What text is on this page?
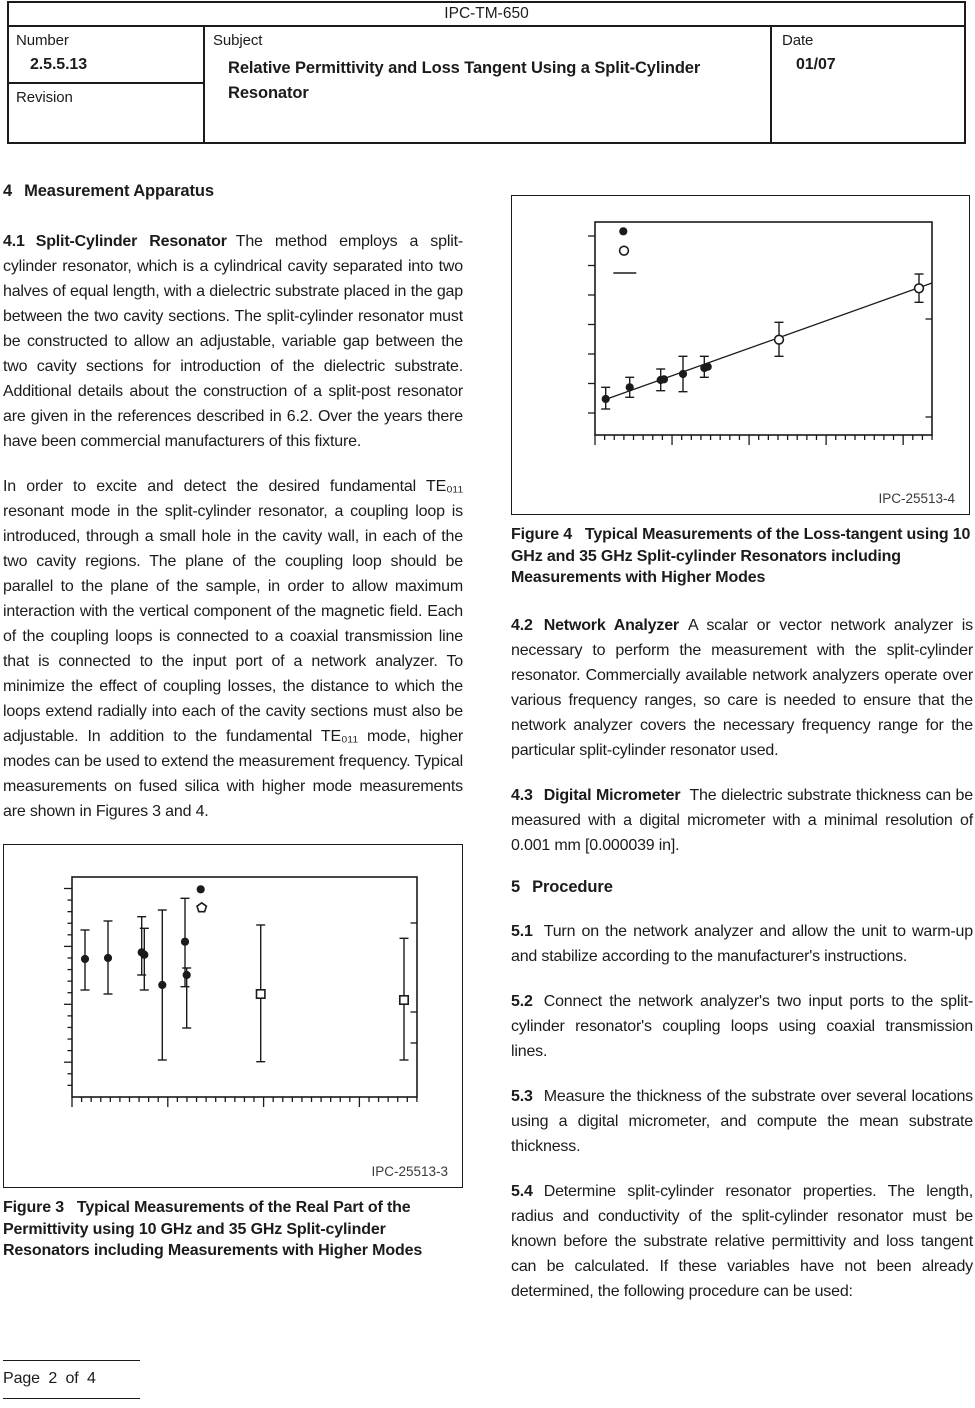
IPC-TM-650
Number
2.5.5.13
Revision
Subject
Relative Permittivity and Loss Tangent Using a Split-Cylinder Resonator
Date
01/07
4 Measurement Apparatus

4.1 Split-Cylinder Resonator The method employs a split-cylinder resonator, which is a cylindrical cavity separated into two halves of equal length, with a dielectric substrate placed in the gap between the two cavity sections. The split-cylinder resonator must be constructed to allow an adjustable, variable gap between the two cavity sections for introduction of the dielectric substrate. Additional details about the construction of a split-post resonator are given in the references described in 6.2. Over the years there have been commercial manufacturers of this fixture.

In order to excite and detect the desired fundamental TE₀₁₁ resonant mode in the split-cylinder resonator, a coupling loop is introduced, through a small hole in the cavity wall, in each of the two cavity regions. The plane of the coupling loop should be parallel to the plane of the sample, in order to allow maximum interaction with the vertical component of the magnetic field. Each of the coupling loops is connected to a coaxial transmission line that is connected to the input port of a network analyzer. To minimize the effect of coupling losses, the distance to which the loops extend radially into each of the cavity sections must also be adjustable. In addition to the fundamental TE₀₁₁ mode, higher modes can be used to extend the measurement frequency. Typical measurements on fused silica with higher mode measurements are shown in Figures 3 and 4.

IPC-25513-3

Figure 3   Typical Measurements of the Real Part of the Permittivity using 10 GHz and 35 GHz Split-cylinder Resonators including Measurements with Higher Modes

IPC-25513-4

Figure 4   Typical Measurements of the Loss-tangent using 10 GHz and 35 GHz Split-cylinder Resonators including Measurements with Higher Modes

4.2 Network Analyzer A scalar or vector network analyzer is necessary to perform the measurement with the split-cylinder resonator. Commercially available network analyzers operate over various frequency ranges, so care is needed to ensure that the network analyzer covers the necessary frequency range for the particular split-cylinder resonator used.

4.3 Digital Micrometer The dielectric substrate thickness can be measured with a digital micrometer with a minimal resolution of 0.001 mm [0.000039 in].

5 Procedure

5.1 Turn on the network analyzer and allow the unit to warm-up and stabilize according to the manufacturer's instructions.

5.2 Connect the network analyzer's two input ports to the split-cylinder resonator's coupling loops using coaxial transmission lines.

5.3 Measure the thickness of the substrate over several locations using a digital micrometer, and compute the mean substrate thickness.

5.4 Determine split-cylinder resonator properties. The length, radius and conductivity of the split-cylinder resonator must be known before the substrate relative permittivity and loss tangent can be calculated. If these variables have not been already determined, the following procedure can be used:

Page 2 of 4
